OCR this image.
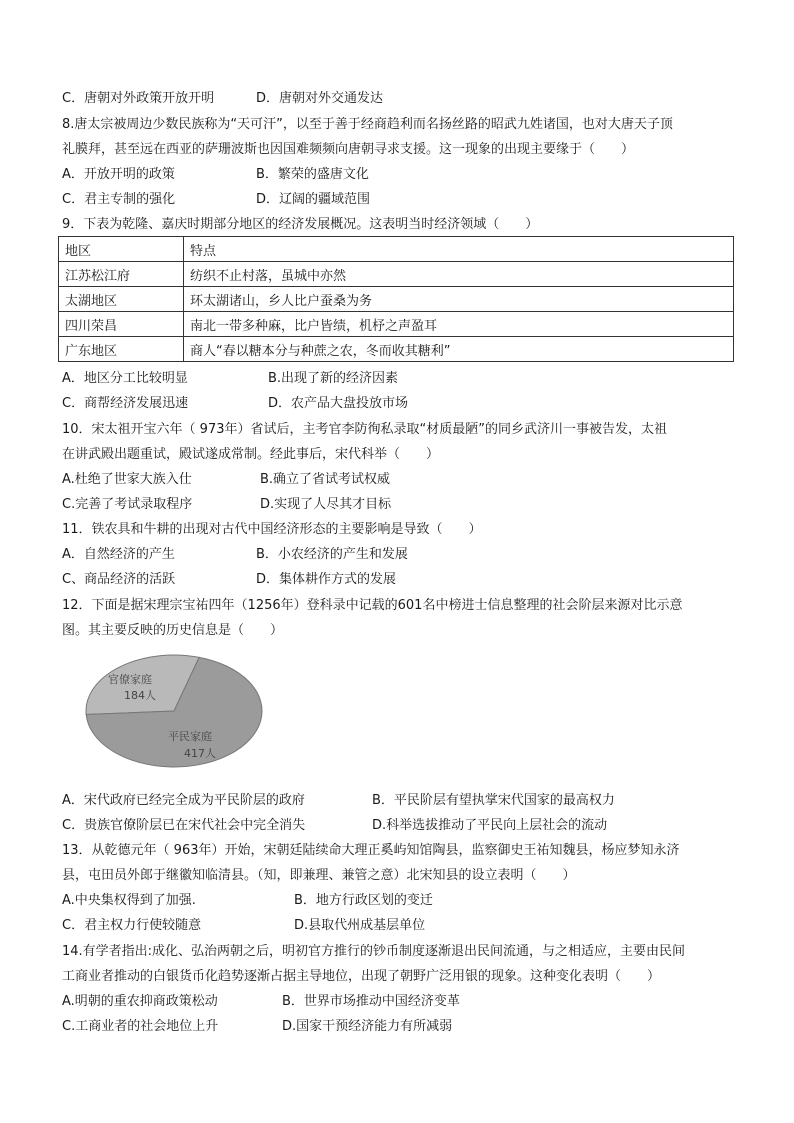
C．唐朝对外政策开放开明	D．唐朝对外交通发达
8.唐太宗被周边少数民族称为“天可汗”，以至于善于经商趋利而名扬丝路的昭武九姓诸国，也对大唐天子顶
礼膜拜，甚至远在西亚的萨珊波斯也因国难频频向唐朝寻求支援。这一现象的出现主要缘于（　　）
A．开放开明的政策	B．繁荣的盛唐文化
C．君主专制的强化	D．辽阔的疆域范围
9．下表为乾隆、嘉庆时期部分地区的经济发展概况。这表明当时经济领域（　　）
地区	特点
江苏松江府	纺织不止村落，虽城中亦然
太湖地区	环太湖诸山，乡人比户蚕桑为务
四川荣昌	南北一带多种麻，比户皆绩，机杼之声盈耳
广东地区	商人“春以糖本分与种蔗之农，冬而收其糖利”
A．地区分工比较明显	B.出现了新的经济因素
C．商帮经济发展迅速	D．农产品大盘投放市场
10．宋太祖开宝六年（ 973年）省试后，主考官李防徇私录取“材质最陋”的同乡武济川一事被告发，太祖
在讲武殿出题重试，殿试遂成常制。经此事后，宋代科举（　　）
A.杜绝了世家大族入仕	B.确立了省试考试权威
C.完善了考试录取程序	D.实现了人尽其才目标
11．铁农具和牛耕的出现对古代中国经济形态的主要影响是导致（　　）
A．自然经济的产生	B．小农经济的产生和发展
C、商品经济的活跃	D．集体耕作方式的发展
12．下面是据宋理宗宝祐四年（1256年）登科录中记载的601名中榜进士信息整理的社会阶层来源对比示意
图。其主要反映的历史信息是（　　）
官僚家庭
184人
平民家庭
417人
A．宋代政府已经完全成为平民阶层的政府	B．平民阶层有望执掌宋代国家的最高权力
C．贵族官僚阶层已在宋代社会中完全消失	D.科举选拔推动了平民向上层社会的流动
13．从乾德元年（ 963年）开始，宋朝廷陆续命大理正奚屿知馆陶县，监察御史王祐知魏县，杨应梦知永济
县，屯田员外郎于继徽知临清县。（知，即兼理、兼管之意）北宋知县的设立表明（　　）
A.中央集权得到了加强.	B．地方行政区划的变迁
C．君主权力行使较随意	D.县取代州成基层单位
14.有学者指出:成化、弘治两朝之后，明初官方推行的钞币制度逐渐退出民间流通，与之相适应，主要由民间
工商业者推动的白银货币化趋势逐渐占据主导地位，出现了朝野广泛用银的现象。这种变化表明（　　）
A.明朝的重农抑商政策松动	B．世界市场推动中国经济变革
C.工商业者的社会地位上升	D.国家干预经济能力有所减弱
